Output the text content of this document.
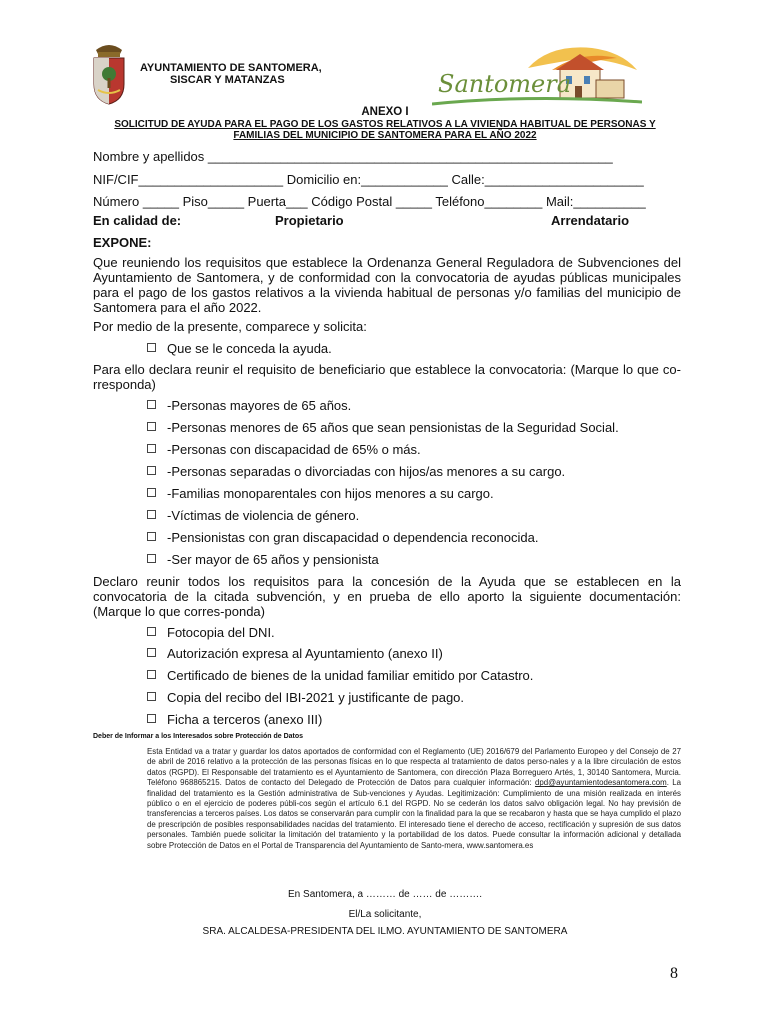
AYUNTAMIENTO DE SANTOMERA,
SISCAR Y MATANZAS	Santomera
ANEXO I
SOLICITUD DE AYUDA PARA EL PAGO DE LOS GASTOS RELATIVOS A LA VIVIENDA HABITUAL DE PERSONAS Y FAMILIAS DEL MUNICIPIO DE SANTOMERA PARA EL AÑO 2022
Nombre y apellidos ________________________________________________________
NIF/CIF____________________ Domicilio en:____________ Calle:______________________
Número _____ Piso_____ Puerta___ Código Postal _____ Teléfono________ Mail:__________
En calidad de:	Propietario	Arrendatario
EXPONE:
Que reuniendo los requisitos que establece la Ordenanza General Reguladora de Subvenciones del Ayuntamiento de Santomera, y de conformidad con la convocatoria de ayudas públicas municipales para el pago de los gastos relativos a la vivienda habitual de personas y/o familias del municipio de Santomera para el año 2022.
Por medio de la presente, comparece y solicita:
Que se le conceda la ayuda.
Para ello declara reunir el requisito de beneficiario que establece la convocatoria: (Marque lo que co-rresponda)
-Personas mayores de 65 años.
-Personas menores de 65 años que sean pensionistas de la Seguridad Social.
-Personas con discapacidad de 65% o más.
-Personas separadas o divorciadas con hijos/as menores a su cargo.
-Familias monoparentales con hijos menores a su cargo.
-Víctimas de violencia de género.
-Pensionistas con gran discapacidad o dependencia reconocida.
-Ser mayor de 65 años y pensionista
Declaro reunir todos los requisitos para la concesión de la Ayuda que se establecen en la convocatoria de la citada subvención, y en prueba de ello aporto la siguiente documentación: (Marque lo que corres-ponda)
Fotocopia del DNI.
Autorización expresa al Ayuntamiento (anexo II)
Certificado de bienes de la unidad familiar emitido por Catastro.
Copia del recibo del IBI-2021 y justificante de pago.
Ficha a terceros (anexo III)
Deber de Informar a los Interesados sobre Protección de Datos
Esta Entidad va a tratar y guardar los datos aportados de conformidad con el Reglamento (UE) 2016/679 del Parlamento Europeo y del Consejo de 27 de abril de 2016 relativo a la protección de las personas físicas en lo que respecta al tratamiento de datos perso-nales y a la libre circulación de estos datos (RGPD). El Responsable del tratamiento es el Ayuntamiento de Santomera, con dirección Plaza Borreguero Artés, 1, 30140 Santomera, Murcia. Teléfono 968865215. Datos de contacto del Delegado de Protección de Datos para cualquier información: dpd@ayuntamientodesantomera.com. La finalidad del tratamiento es la Gestión administrativa de Sub-venciones y Ayudas. Legitimización: Cumplimiento de una misión realizada en interés público o en el ejercicio de poderes públi-cos según el artículo 6.1 del RGPD. No se cederán los datos salvo obligación legal. No hay previsión de transferencias a terceros países. Los datos se conservarán para cumplir con la finalidad para la que se recabaron y hasta que se haya cumplido el plazo de prescripción de posibles responsabilidades nacidas del tratamiento. El interesado tiene el derecho de acceso, rectificación y supresión de sus datos personales. También puede solicitar la limitación del tratamiento y la portabilidad de los datos. Puede consultar la información adicional y detallada sobre Protección de Datos en el Portal de Transparencia del Ayuntamiento de Santo-mera, www.santomera.es
En Santomera, a ……… de …… de ……….
El/La solicitante,
SRA. ALCALDESA-PRESIDENTA DEL ILMO. AYUNTAMIENTO DE SANTOMERA
8
